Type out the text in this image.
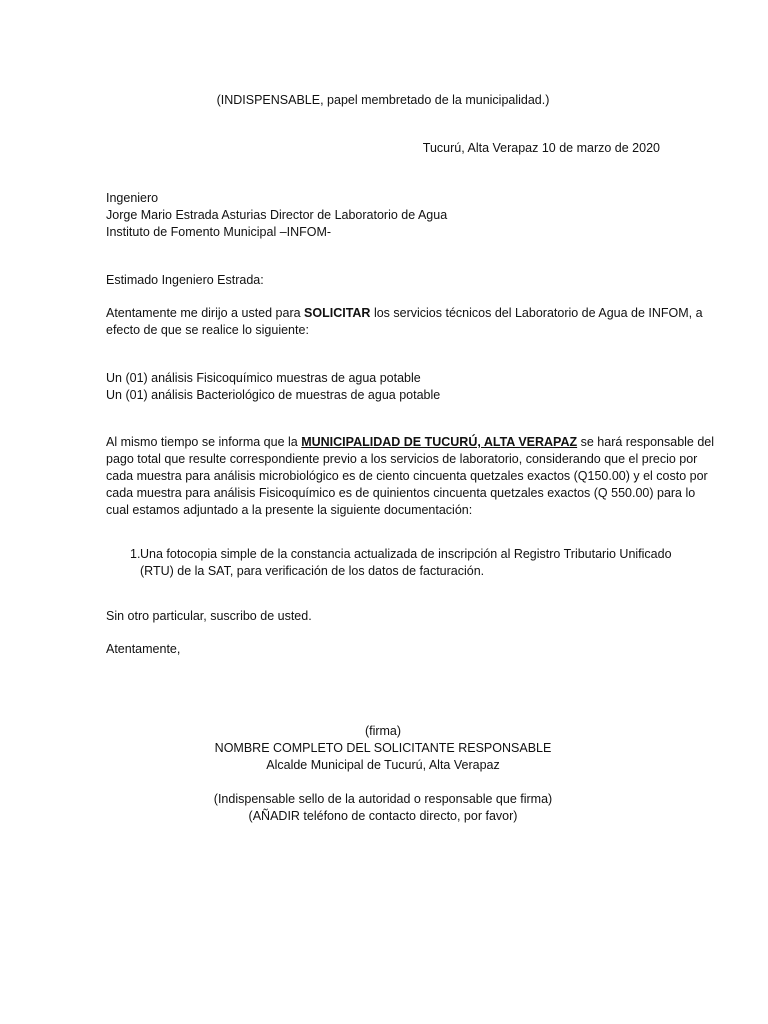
(INDISPENSABLE, papel membretado de la municipalidad.)

Tucurú, Alta Verapaz 10 de marzo de 2020

Ingeniero
Jorge Mario Estrada Asturias Director de Laboratorio de Agua
Instituto de Fomento Municipal –INFOM-

Estimado Ingeniero Estrada:

Atentamente me dirijo a usted para SOLICITAR los servicios técnicos del Laboratorio de Agua de INFOM, a
efecto de que se realice lo siguiente:
Un (01) análisis Fisicoquímico muestras de agua potable
Un (01) análisis Bacteriológico de muestras de agua potable
Al mismo tiempo se informa que la MUNICIPALIDAD DE TUCURÚ, ALTA VERAPAZ se hará responsable del
pago total que resulte correspondiente previo a los servicios de laboratorio, considerando que el precio por
cada muestra para análisis microbiológico es de ciento cincuenta quetzales exactos (Q150.00) y el costo por
cada muestra para análisis Fisicoquímico es de quinientos cincuenta quetzales exactos (Q 550.00) para lo
cual estamos adjuntado a la presente la siguiente documentación:
1. Una fotocopia simple de la constancia actualizada de inscripción al Registro Tributario Unificado
(RTU) de la SAT, para verificación de los datos de facturación.

Sin otro particular, suscribo de usted.

Atentamente,

(firma)
NOMBRE COMPLETO DEL SOLICITANTE RESPONSABLE
Alcalde Municipal de Tucurú, Alta Verapaz
(Indispensable sello de la autoridad o responsable que firma)
(AÑADIR teléfono de contacto directo, por favor)
